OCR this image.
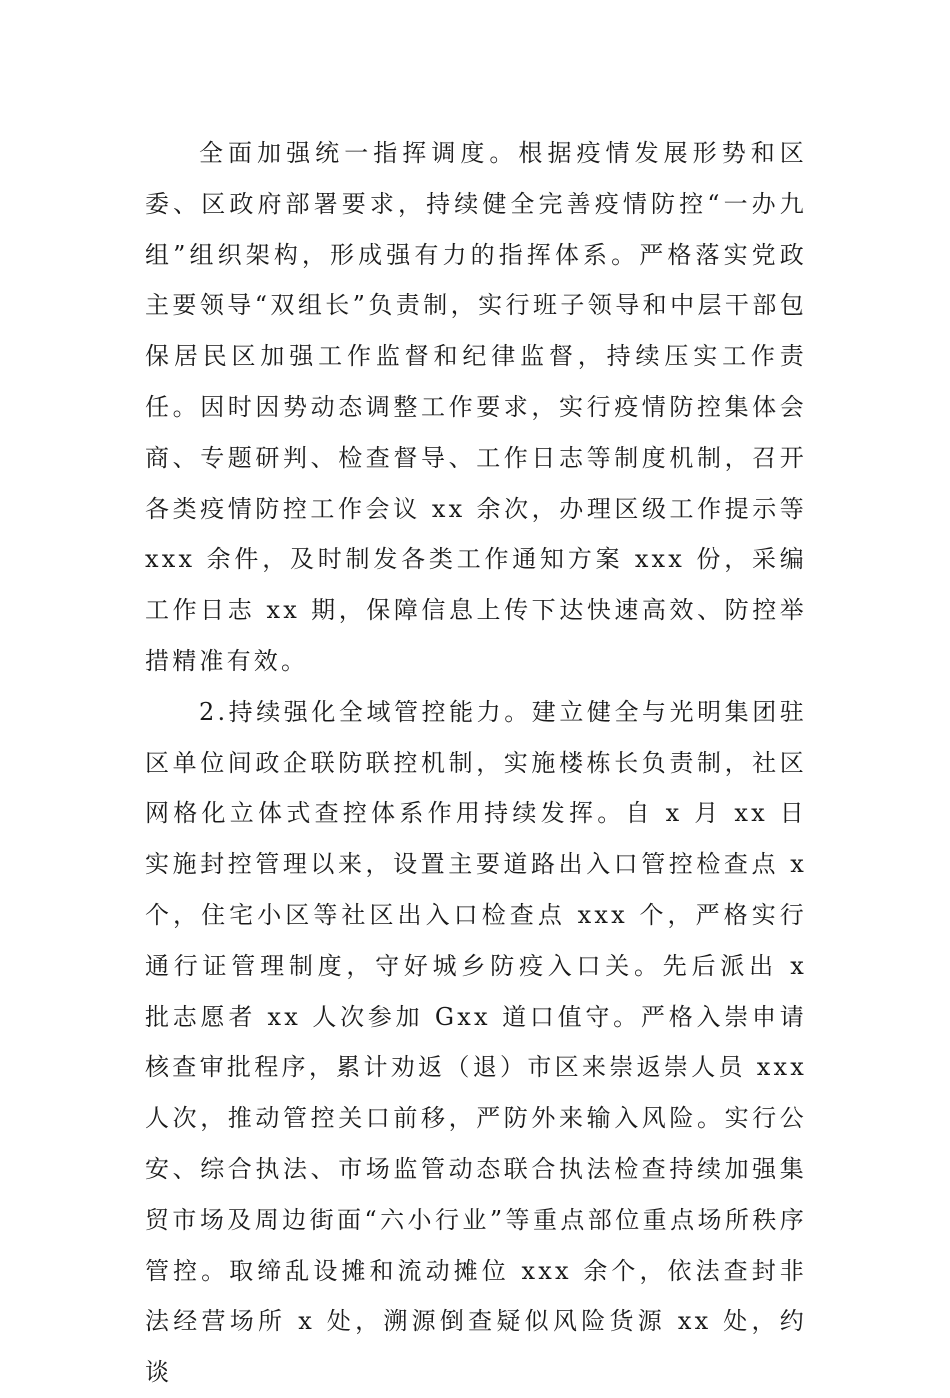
全面加强统一指挥调度。根据疫情发展形势和区委、区政府部署要求，持续健全完善疫情防控“一办九组”组织架构，形成强有力的指挥体系。严格落实党政主要领导“双组长”负责制，实行班子领导和中层干部包保居民区加强工作监督和纪律监督，持续压实工作责任。因时因势动态调整工作要求，实行疫情防控集体会商、专题研判、检查督导、工作日志等制度机制，召开各类疫情防控工作会议 xx 余次，办理区级工作提示等 xxx 余件，及时制发各类工作通知方案 xxx 份，采编工作日志 xx 期，保障信息上传下达快速高效、防控举措精准有效。

2.持续强化全域管控能力。建立健全与光明集团驻区单位间政企联防联控机制，实施楼栋长负责制，社区网格化立体式查控体系作用持续发挥。自 x 月 xx 日实施封控管理以来，设置主要道路出入口管控检查点 x 个，住宅小区等社区出入口检查点 xxx 个，严格实行通行证管理制度，守好城乡防疫入口关。先后派出 x 批志愿者 xx 人次参加 Gxx 道口值守。严格入崇申请核查审批程序，累计劝返（退）市区来崇返崇人员 xxx 人次，推动管控关口前移，严防外来输入风险。实行公安、综合执法、市场监管动态联合执法检查持续加强集贸市场及周边街面“六小行业”等重点部位重点场所秩序管控。取缔乱设摊和流动摊位 xxx 余个，依法查封非法经营场所 x 处，溯源倒查疑似风险货源 xx 处，约谈
